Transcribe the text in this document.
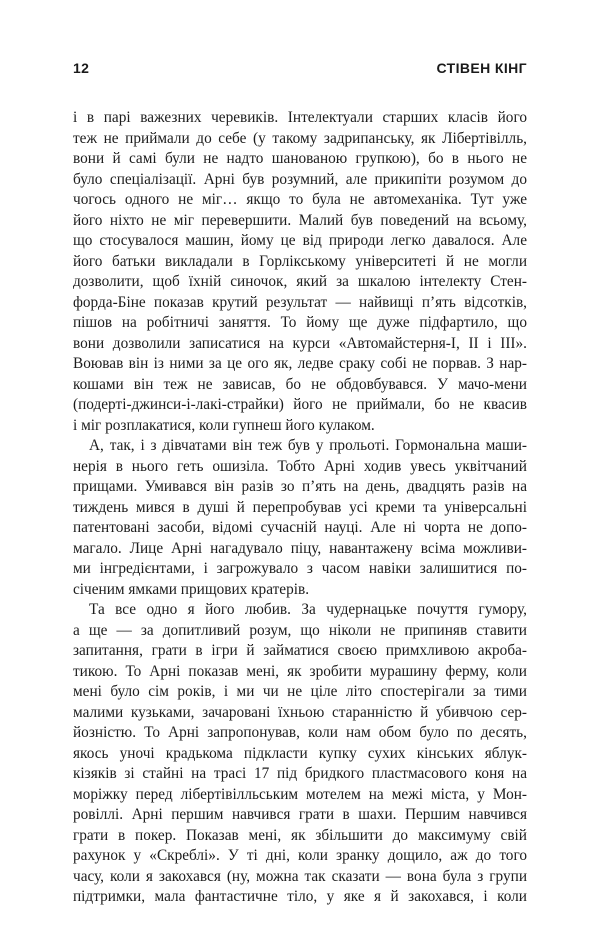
12	СТІВЕН КІНГ

і в парі важезних черевиків. Інтелектуали старших класів його
теж не приймали до себе (у такому задрипанську, як Лібертівілль,
вони й самі були не надто шанованою групкою), бо в нього не
було спеціалізації. Арні був розумний, але прикипіти розумом до
чогось одного не міг… якщо то була не автомеханіка. Тут уже
його ніхто не міг перевершити. Малий був поведений на всьому,
що стосувалося машин, йому це від природи легко давалося. Але
його батьки викладали в Горлікському університеті й не могли
дозволити, щоб їхній синочок, який за шкалою інтелекту Стен-
форда-Біне показав крутий результат — найвищі п’ять відсотків,
пішов на робітничі заняття. То йому ще дуже підфартило, що
вони дозволили записатися на курси «Автомайстерня-І, ІІ і ІІІ».
Воював він із ними за це ого як, ледве сраку собі не порвав. З нар-
кошами він теж не зависав, бо не обдовбувався. У мачо-мени
(подерті-джинси-і-лакі-страйки) його не приймали, бо не квасив
і міг розплакатися, коли гупнеш його кулаком.

А, так, і з дівчатами він теж був у прольоті. Гормональна маши-
нерія в нього геть ошизіла. Тобто Арні ходив увесь уквітчаний
прищами. Умивався він разів зо п’ять на день, двадцять разів на
тиждень мився в душі й перепробував усі креми та універсальні
патентовані засоби, відомі сучасній науці. Але ні чорта не допо-
магало. Лице Арні нагадувало піцу, навантажену всіма можливи-
ми інгредієнтами, і загрожувало з часом навіки залишитися по-
січеним ямками прищових кратерів.

Та все одно я його любив. За чудернацьке почуття гумору,
а ще — за допитливий розум, що ніколи не припиняв ставити
запитання, грати в ігри й займатися своєю примхливою акроба-
тикою. То Арні показав мені, як зробити мурашину ферму, коли
мені було сім років, і ми чи не ціле літо спостерігали за тими
малими кузьками, зачаровані їхньою старанністю й убивчою сер-
йозністю. То Арні запропонував, коли нам обом було по десять,
якось уночі крадькома підкласти купку сухих кінських яблук-
кізяків зі стайні на трасі 17 під бридкого пластмасового коня на
моріжку перед лібертівілльським мотелем на межі міста, у Мон-
ровіллі. Арні першим навчився грати в шахи. Першим навчився
грати в покер. Показав мені, як збільшити до максимуму свій
рахунок у «Скреблі». У ті дні, коли зранку дощило, аж до того
часу, коли я закохався (ну, можна так сказати — вона була з групи
підтримки, мала фантастичне тіло, у яке я й закохався, і коли
